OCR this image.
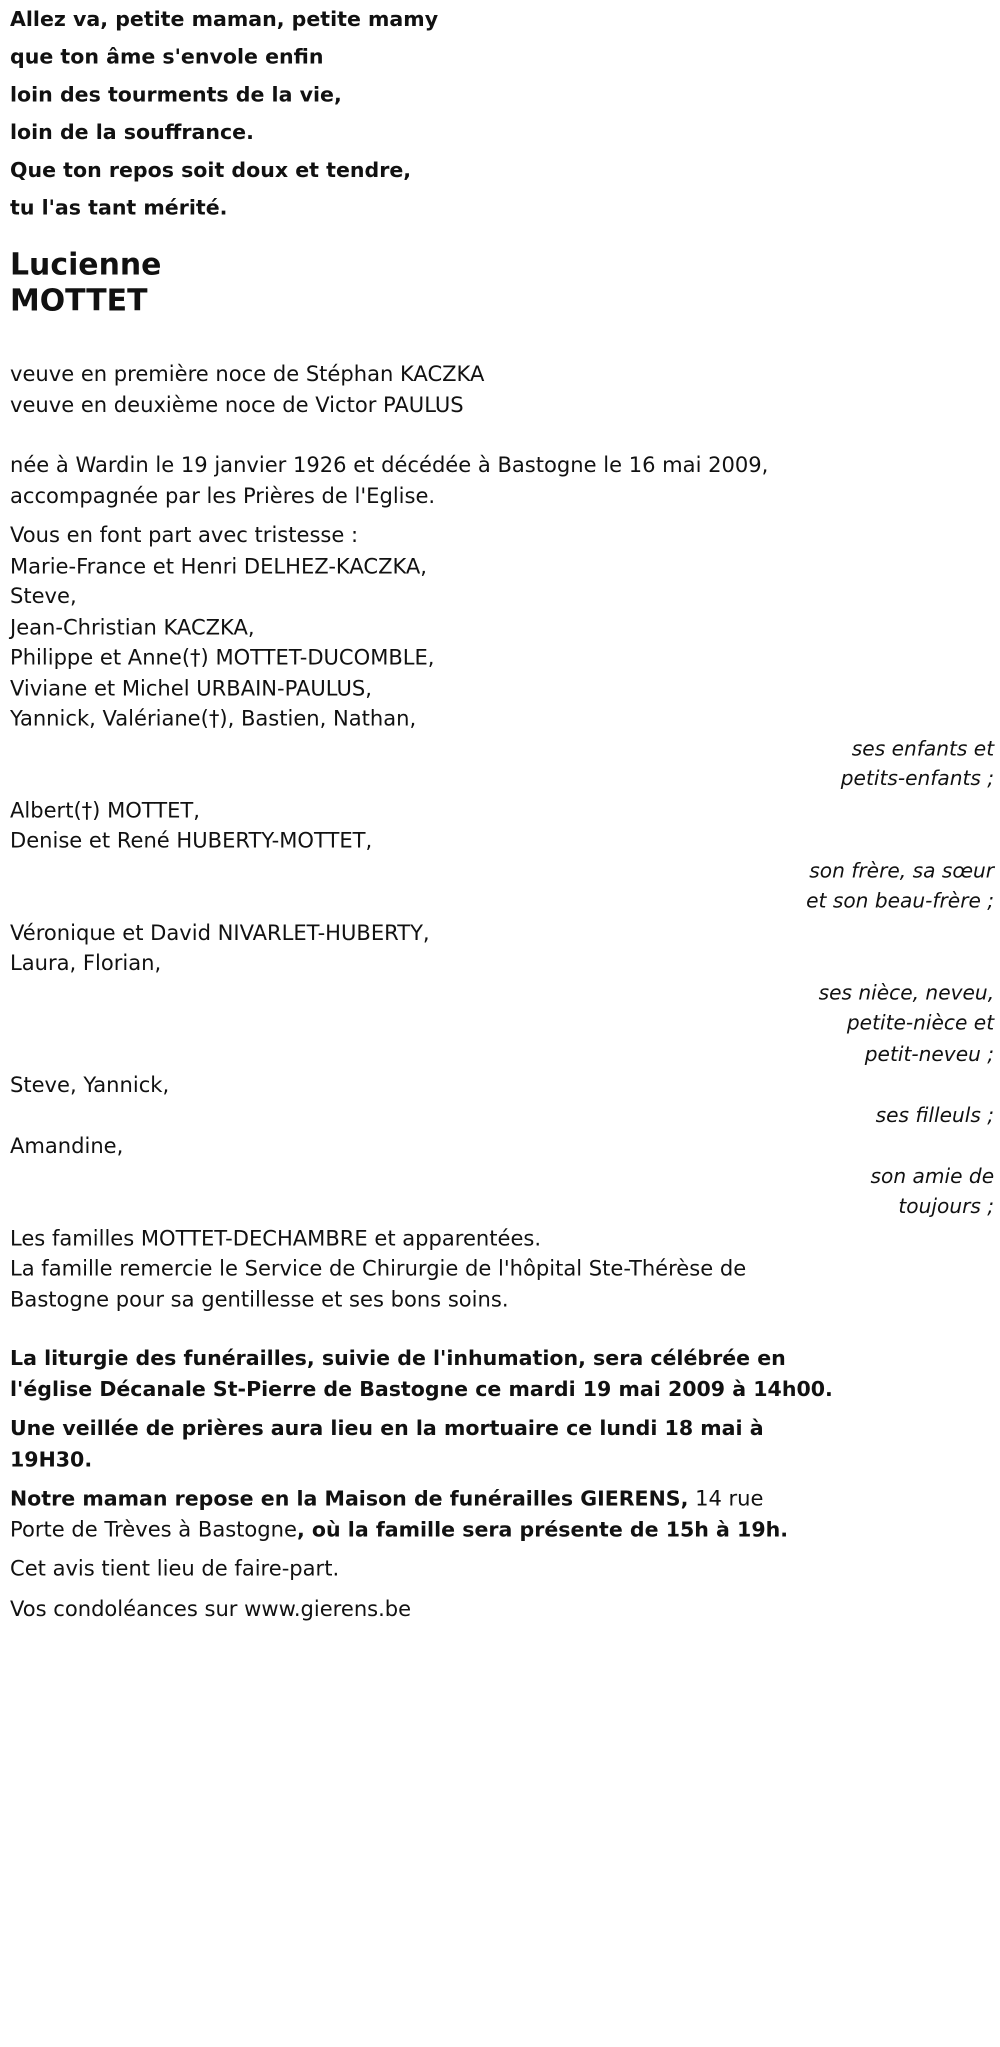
Allez va, petite maman, petite mamy

que ton âme s'envole enfin

loin des tourments de la vie,

loin de la souffrance.

Que ton repos soit doux et tendre,

tu l'as tant mérité.

Lucienne

MOTTET

veuve en première noce de Stéphan KACZKA

veuve en deuxième noce de Victor PAULUS

née à Wardin le 19 janvier 1926 et décédée à Bastogne le 16 mai 2009,

accompagnée par les Prières de l'Eglise.

Vous en font part avec tristesse :

Marie-France et Henri DELHEZ-KACZKA,

Steve,

Jean-Christian KACZKA,

Philippe et Anne(†) MOTTET-DUCOMBLE,

Viviane et Michel URBAIN-PAULUS,

Yannick, Valériane(†), Bastien, Nathan,

ses enfants et

petits-enfants ;

Albert(†) MOTTET,

Denise et René HUBERTY-MOTTET,

son frère, sa sœur

et son beau-frère ;

Véronique et David NIVARLET-HUBERTY,

Laura, Florian,

ses nièce, neveu,

petite-nièce et

petit-neveu ;

Steve, Yannick,

ses filleuls ;

Amandine,

son amie de

toujours ;

Les familles MOTTET-DECHAMBRE et apparentées.

La famille remercie le Service de Chirurgie de l'hôpital Ste-Thérèse de

Bastogne pour sa gentillesse et ses bons soins.

La liturgie des funérailles, suivie de l'inhumation, sera célébrée en

l'église Décanale St-Pierre de Bastogne ce mardi 19 mai 2009 à 14h00.

Une veillée de prières aura lieu en la mortuaire ce lundi 18 mai à

19H30.

Notre maman repose en la Maison de funérailles GIERENS, 14 rue

Porte de Trèves à Bastogne, où la famille sera présente de 15h à 19h.

Cet avis tient lieu de faire-part.

Vos condoléances sur www.gierens.be
